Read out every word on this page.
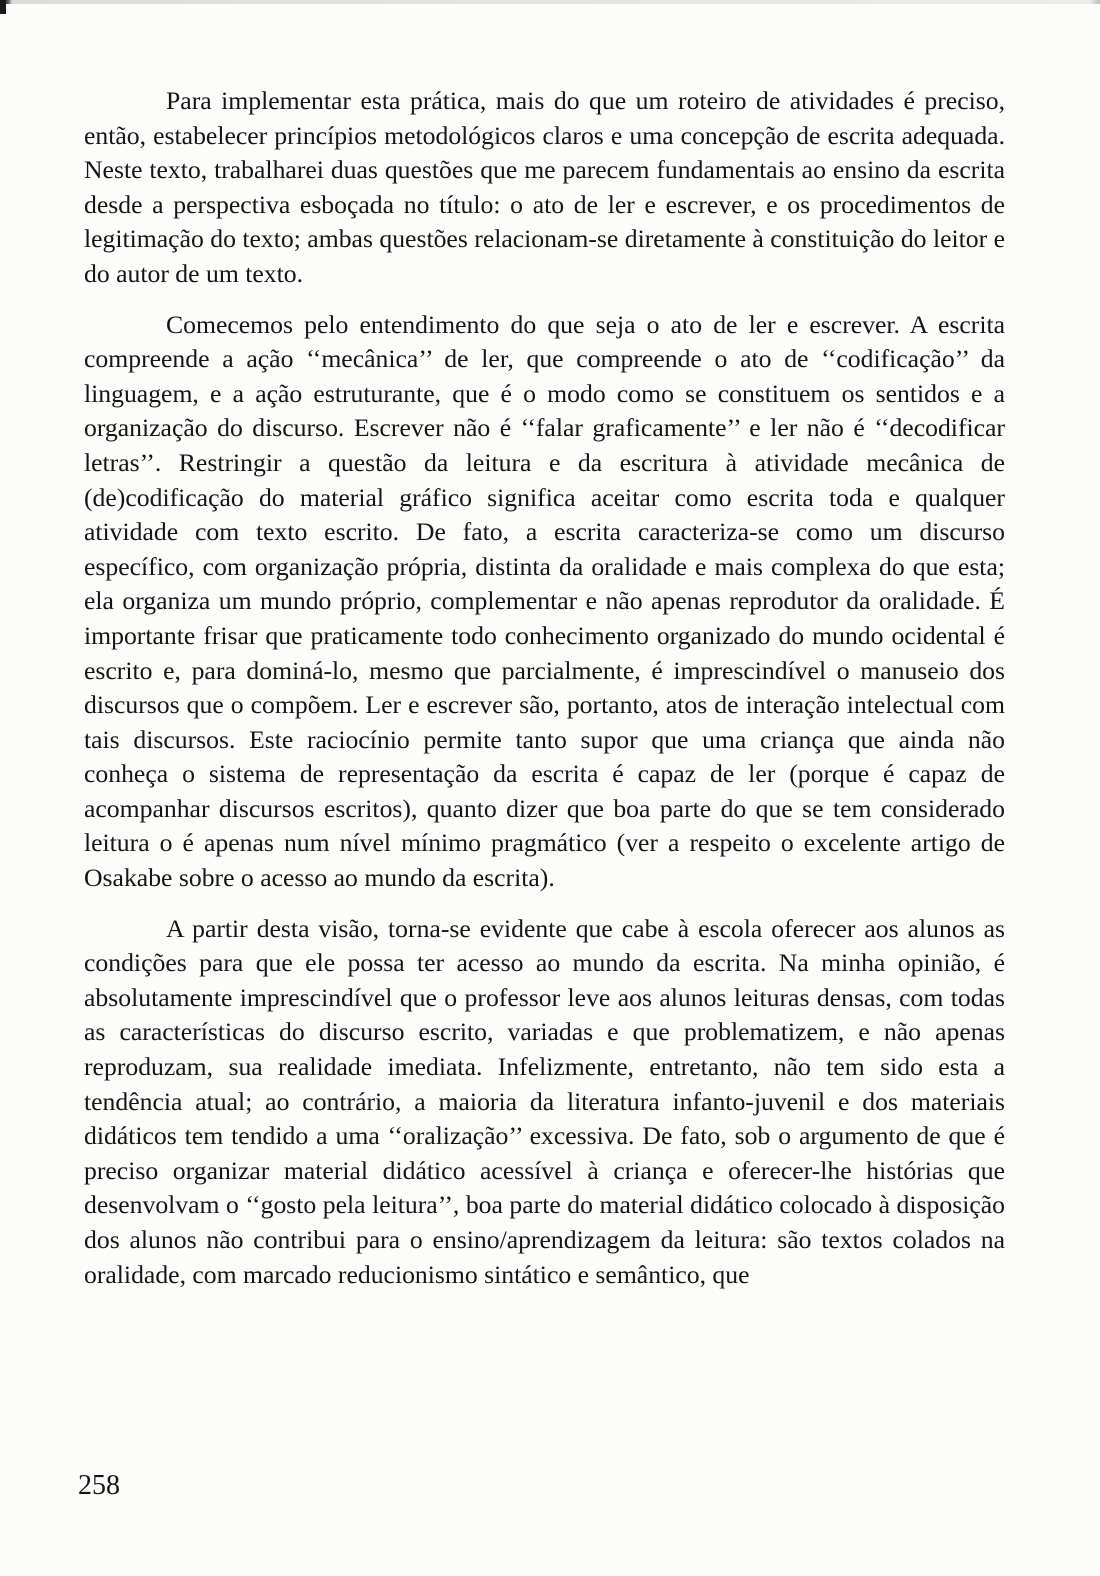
Para implementar esta prática, mais do que um roteiro de atividades é preciso, então, estabelecer princípios metodológicos claros e uma concepção de escrita adequada. Neste texto, trabalharei duas questões que me parecem fundamentais ao ensino da escrita desde a perspectiva esboçada no título: o ato de ler e escrever, e os procedimentos de legitimação do texto; ambas questões relacionam-se diretamente à constituição do leitor e do autor de um texto.

Comecemos pelo entendimento do que seja o ato de ler e escrever. A escrita compreende a ação ‘‘mecânica’’ de ler, que compreende o ato de ‘‘codificação’’ da linguagem, e a ação estruturante, que é o modo como se constituem os sentidos e a organização do discurso. Escrever não é ‘‘falar graficamente’’ e ler não é ‘‘decodificar letras’’. Restringir a questão da leitura e da escritura à atividade mecânica de (de)codificação do material gráfico significa aceitar como escrita toda e qualquer atividade com texto escrito. De fato, a escrita caracteriza-se como um discurso específico, com organização própria, distinta da oralidade e mais complexa do que esta; ela organiza um mundo próprio, complementar e não apenas reprodutor da oralidade. É importante frisar que praticamente todo conhecimento organizado do mundo ocidental é escrito e, para dominá-lo, mesmo que parcialmente, é imprescindível o manuseio dos discursos que o compõem. Ler e escrever são, portanto, atos de interação intelectual com tais discursos. Este raciocínio permite tanto supor que uma criança que ainda não conheça o sistema de representação da escrita é capaz de ler (porque é capaz de acompanhar discursos escritos), quanto dizer que boa parte do que se tem considerado leitura o é apenas num nível mínimo pragmático (ver a respeito o excelente artigo de Osakabe sobre o acesso ao mundo da escrita).

A partir desta visão, torna-se evidente que cabe à escola oferecer aos alunos as condições para que ele possa ter acesso ao mundo da escrita. Na minha opinião, é absolutamente imprescindível que o professor leve aos alunos leituras densas, com todas as características do discurso escrito, variadas e que problematizem, e não apenas reproduzam, sua realidade imediata. Infelizmente, entretanto, não tem sido esta a tendência atual; ao contrário, a maioria da literatura infanto-juvenil e dos materiais didáticos tem tendido a uma ‘‘oralização’’ excessiva. De fato, sob o argumento de que é preciso organizar material didático acessível à criança e oferecer-lhe histórias que desenvolvam o ‘‘gosto pela leitura’’, boa parte do material didático colocado à disposição dos alunos não contribui para o ensino/aprendizagem da leitura: são textos colados na oralidade, com marcado reducionismo sintático e semântico, que

258
